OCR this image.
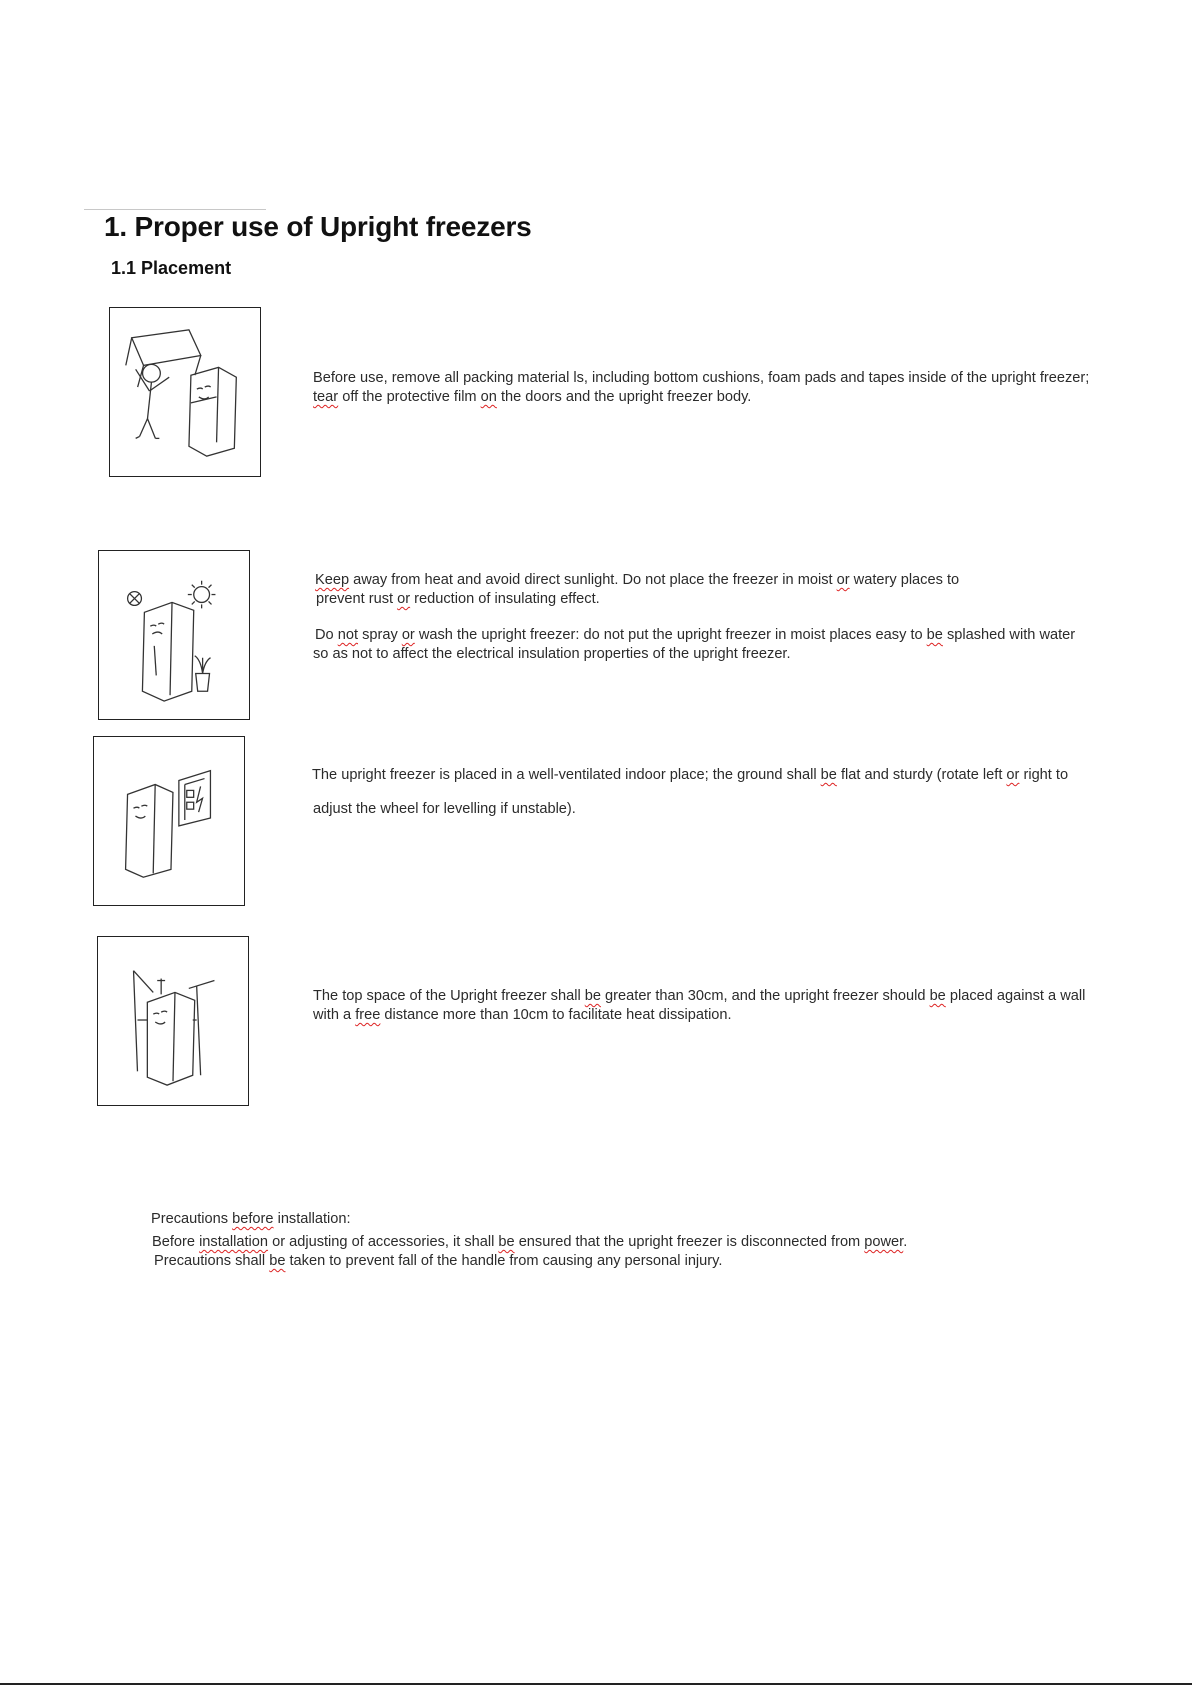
1. Proper use of Upright freezers
1.1 Placement

Before use, remove all packing material ls, including bottom cushions, foam pads and tapes inside of the upright freezer;

tear off the protective film on the doors and the upright freezer body.

Keep away from heat and avoid direct sunlight. Do not place the freezer in moist or watery places to

prevent rust or reduction of insulating effect.

Do not spray or wash the upright freezer: do not put the upright freezer in moist places easy to be splashed with water

so as not to affect the electrical insulation properties of the upright freezer.

The upright freezer is placed in a well-ventilated indoor place; the ground shall be flat and sturdy (rotate left or right to

adjust the wheel for levelling if unstable).

The top space of the Upright freezer shall be greater than 30cm, and the upright freezer should be placed against a wall

with a free distance more than 10cm to facilitate heat dissipation.

Precautions before installation:

Before installation or adjusting of accessories, it shall be ensured that the upright freezer is disconnected from power.

Precautions shall be taken to prevent fall of the handle from causing any personal injury.
